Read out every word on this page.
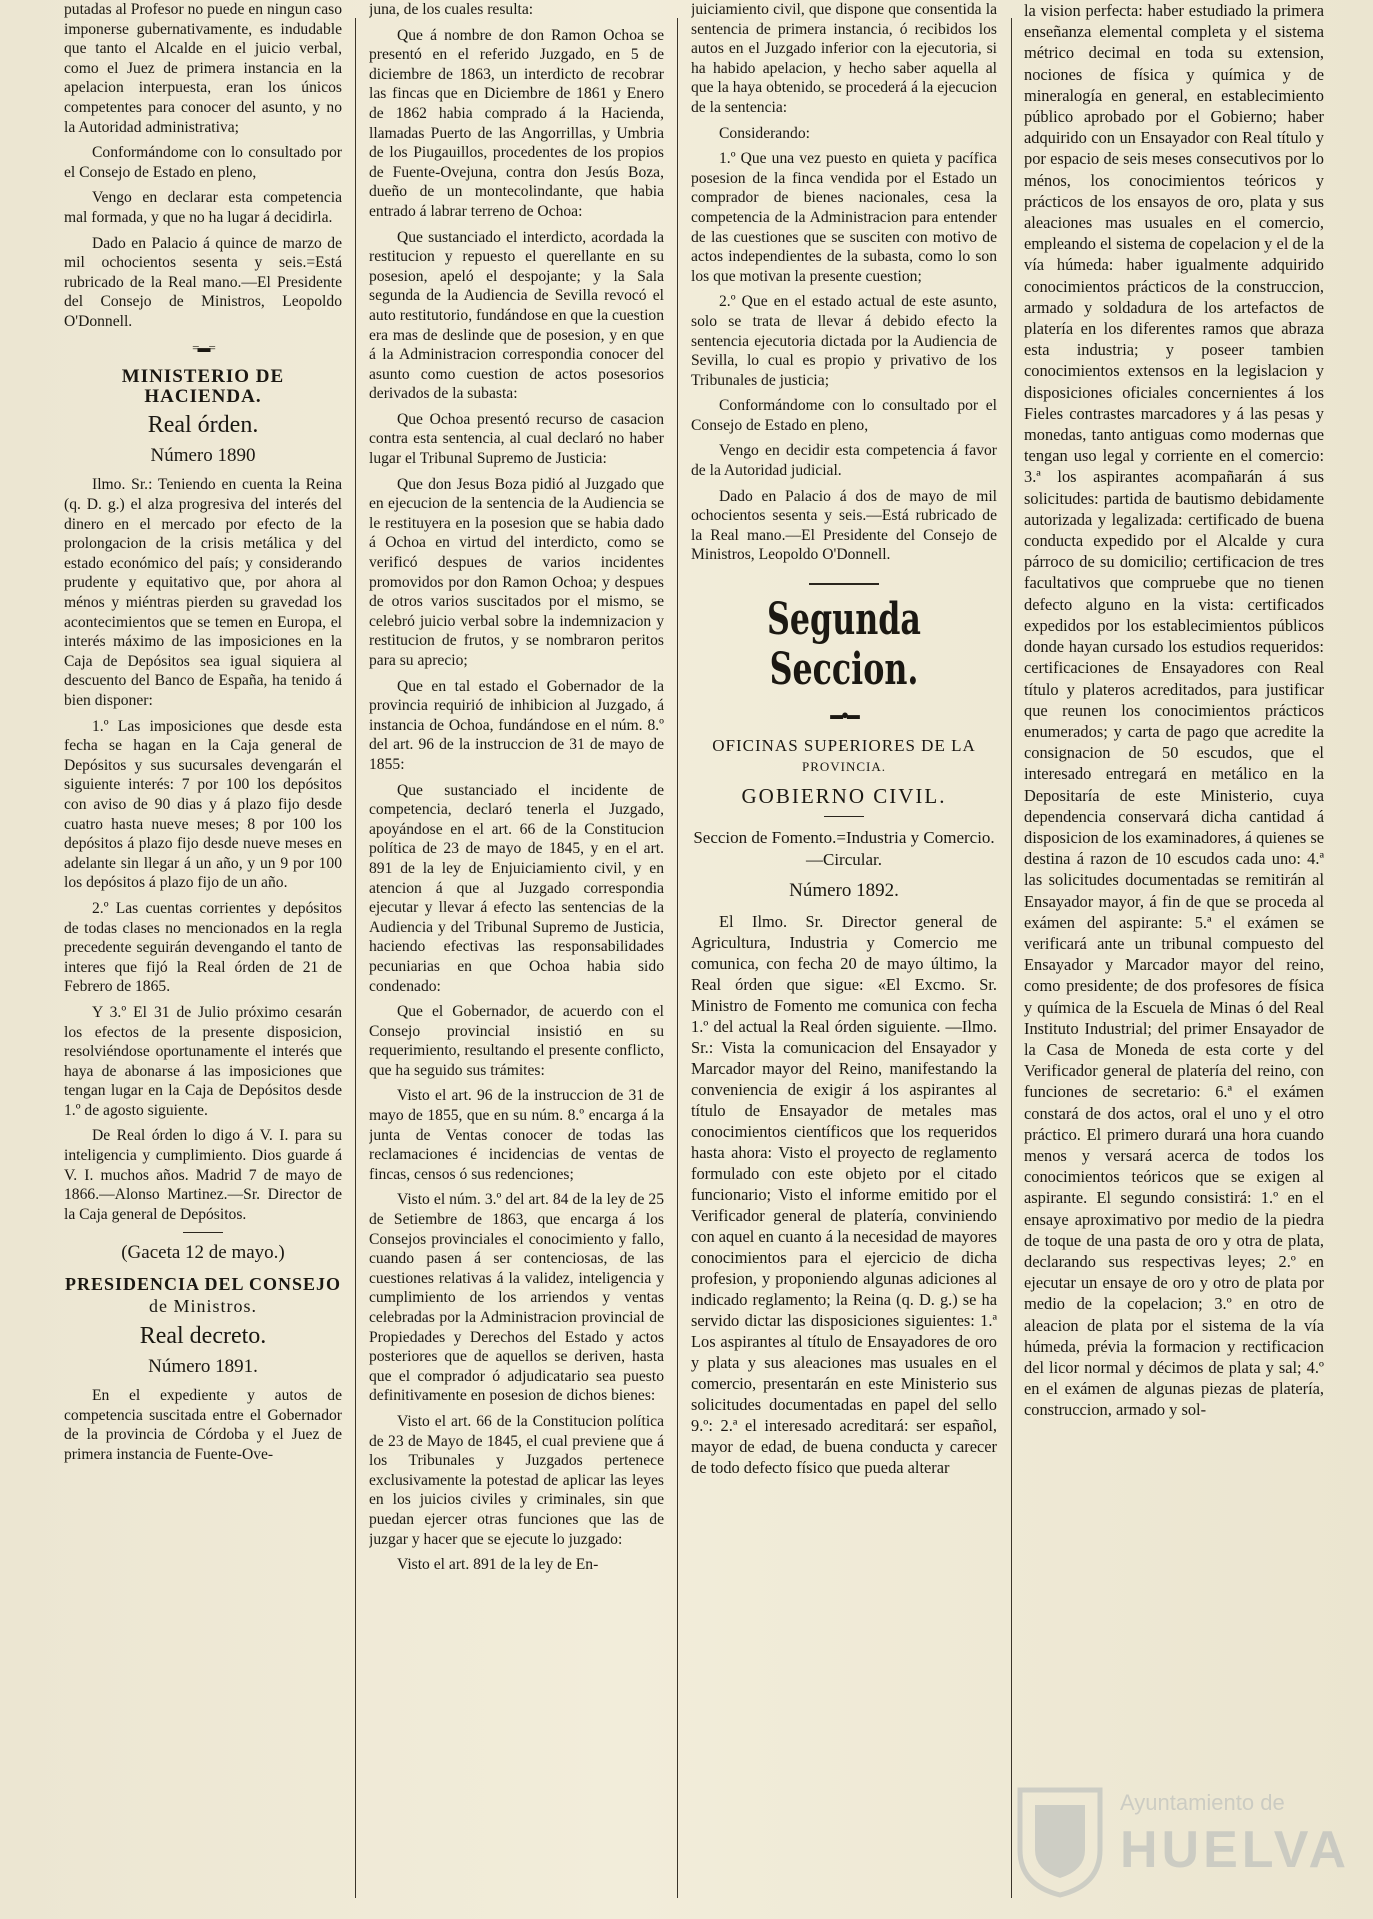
putadas al Profesor no puede en ningun caso imponerse gubernativamente, es indudable que tanto el Alcalde en el juicio verbal, como el Juez de primera instancia en la apelacion interpuesta, eran los únicos competentes para conocer del asunto, y no la Autoridad administrativa;

Conformándome con lo consultado por el Consejo de Estado en pleno,

Vengo en declarar esta competencia mal formada, y que no ha lugar á decidirla.

Dado en Palacio á quince de marzo de mil ochocientos sesenta y seis.=Está rubricado de la Real mano.—El Presidente del Consejo de Ministros, Leopoldo O'Donnell.

=▬=
MINISTERIO DE HACIENDA.
Real órden.
Número 1890

Ilmo. Sr.: Teniendo en cuenta la Reina (q. D. g.) el alza progresiva del interés del dinero en el mercado por efecto de la prolongacion de la crisis metálica y del estado económico del país; y considerando prudente y equitativo que, por ahora al ménos y miéntras pierden su gravedad los acontecimientos que se temen en Europa, el interés máximo de las imposiciones en la Caja de Depósitos sea igual siquiera al descuento del Banco de España, ha tenido á bien disponer:

1.º Las imposiciones que desde esta fecha se hagan en la Caja general de Depósitos y sus sucursales devengarán el siguiente interés: 7 por 100 los depósitos con aviso de 90 dias y á plazo fijo desde cuatro hasta nueve meses; 8 por 100 los depósitos á plazo fijo desde nueve meses en adelante sin llegar á un año, y un 9 por 100 los depósitos á plazo fijo de un año.

2.º Las cuentas corrientes y depósitos de todas clases no mencionados en la regla precedente seguirán devengando el tanto de interes que fijó la Real órden de 21 de Febrero de 1865.

Y 3.º El 31 de Julio próximo cesarán los efectos de la presente disposicion, resolviéndose oportunamente el interés que haya de abonarse á las imposiciones que tengan lugar en la Caja de Depósitos desde 1.º de agosto siguiente.

De Real órden lo digo á V. I. para su inteligencia y cumplimiento. Dios guarde á V. I. muchos años. Madrid 7 de mayo de 1866.—Alonso Martinez.—Sr. Director de la Caja general de Depósitos.

(Gaceta 12 de mayo.)
PRESIDENCIA DEL CONSEJO
de Ministros.
Real decreto.
Número 1891.

En el expediente y autos de competencia suscitada entre el Gobernador de la provincia de Córdoba y el Juez de primera instancia de Fuente-Ove-

juna, de los cuales resulta:

Que á nombre de don Ramon Ochoa se presentó en el referido Juzgado, en 5 de diciembre de 1863, un interdicto de recobrar las fincas que en Diciembre de 1861 y Enero de 1862 habia comprado á la Hacienda, llamadas Puerto de las Angorrillas, y Umbria de los Piugauillos, procedentes de los propios de Fuente-Ovejuna, contra don Jesús Boza, dueño de un montecolindante, que habia entrado á labrar terreno de Ochoa:

Que sustanciado el interdicto, acordada la restitucion y repuesto el querellante en su posesion, apeló el despojante; y la Sala segunda de la Audiencia de Sevilla revocó el auto restitutorio, fundándose en que la cuestion era mas de deslinde que de posesion, y en que á la Administracion correspondia conocer del asunto como cuestion de actos posesorios derivados de la subasta:

Que Ochoa presentó recurso de casacion contra esta sentencia, al cual declaró no haber lugar el Tribunal Supremo de Justicia:

Que don Jesus Boza pidió al Juzgado que en ejecucion de la sentencia de la Audiencia se le restituyera en la posesion que se habia dado á Ochoa en virtud del interdicto, como se verificó despues de varios incidentes promovidos por don Ramon Ochoa; y despues de otros varios suscitados por el mismo, se celebró juicio verbal sobre la indemnizacion y restitucion de frutos, y se nombraron peritos para su aprecio;

Que en tal estado el Gobernador de la provincia requirió de inhibicion al Juzgado, á instancia de Ochoa, fundándose en el núm. 8.º del art. 96 de la instruccion de 31 de mayo de 1855:

Que sustanciado el incidente de competencia, declaró tenerla el Juzgado, apoyándose en el art. 66 de la Constitucion política de 23 de mayo de 1845, y en el art. 891 de la ley de Enjuiciamiento civil, y en atencion á que al Juzgado correspondia ejecutar y llevar á efecto las sentencias de la Audiencia y del Tribunal Supremo de Justicia, haciendo efectivas las responsabilidades pecuniarias en que Ochoa habia sido condenado:

Que el Gobernador, de acuerdo con el Consejo provincial insistió en su requerimiento, resultando el presente conflicto, que ha seguido sus trámites:

Visto el art. 96 de la instruccion de 31 de mayo de 1855, que en su núm. 8.º encarga á la junta de Ventas conocer de todas las reclamaciones é incidencias de ventas de fincas, censos ó sus redenciones;

Visto el núm. 3.º del art. 84 de la ley de 25 de Setiembre de 1863, que encarga á los Consejos provinciales el conocimiento y fallo, cuando pasen á ser contenciosas, de las cuestiones relativas á la validez, inteligencia y cumplimiento de los arriendos y ventas celebradas por la Administracion provincial de Propiedades y Derechos del Estado y actos posteriores que de aquellos se deriven, hasta que el comprador ó adjudicatario sea puesto definitivamente en posesion de dichos bienes:

Visto el art. 66 de la Constitucion política de 23 de Mayo de 1845, el cual previene que á los Tribunales y Juzgados pertenece exclusivamente la potestad de aplicar las leyes en los juicios civiles y criminales, sin que puedan ejercer otras funciones que las de juzgar y hacer que se ejecute lo juzgado:

Visto el art. 891 de la ley de En-

juiciamiento civil, que dispone que consentida la sentencia de primera instancia, ó recibidos los autos en el Juzgado inferior con la ejecutoria, si ha habido apelacion, y hecho saber aquella al que la haya obtenido, se procederá á la ejecucion de la sentencia:

Considerando:

1.º Que una vez puesto en quieta y pacífica posesion de la finca vendida por el Estado un comprador de bienes nacionales, cesa la competencia de la Administracion para entender de las cuestiones que se susciten con motivo de actos independientes de la subasta, como lo son los que motivan la presente cuestion;

2.º Que en el estado actual de este asunto, solo se trata de llevar á debido efecto la sentencia ejecutoria dictada por la Audiencia de Sevilla, lo cual es propio y privativo de los Tribunales de justicia;

Conformándome con lo consultado por el Consejo de Estado en pleno,

Vengo en decidir esta competencia á favor de la Autoridad judicial.

Dado en Palacio á dos de mayo de mil ochocientos sesenta y seis.—Está rubricado de la Real mano.—El Presidente del Consejo de Ministros, Leopoldo O'Donnell.

Segunda Seccion.
▬●▬
OFICINAS SUPERIORES DE LA
PROVINCIA.
GOBIERNO CIVIL.
Seccion de Fomento.=Industria y Comercio.—Circular.
Número 1892.

El Ilmo. Sr. Director general de Agricultura, Industria y Comercio me comunica, con fecha 20 de mayo último, la Real órden que sigue: «El Excmo. Sr. Ministro de Fomento me comunica con fecha 1.º del actual la Real órden siguiente. —Ilmo. Sr.: Vista la comunicacion del Ensayador y Marcador mayor del Reino, manifestando la conveniencia de exigir á los aspirantes al título de Ensayador de metales mas conocimientos científicos que los requeridos hasta ahora: Visto el proyecto de reglamento formulado con este objeto por el citado funcionario; Visto el informe emitido por el Verificador general de platería, conviniendo con aquel en cuanto á la necesidad de mayores conocimientos para el ejercicio de dicha profesion, y proponiendo algunas adiciones al indicado reglamento; la Reina (q. D. g.) se ha servido dictar las disposiciones siguientes: 1.ª Los aspirantes al título de Ensayadores de oro y plata y sus aleaciones mas usuales en el comercio, presentarán en este Ministerio sus solicitudes documentadas en papel del sello 9.º: 2.ª el interesado acreditará: ser español, mayor de edad, de buena conducta y carecer de todo defecto físico que pueda alterar

la vision perfecta: haber estudiado la primera enseñanza elemental completa y el sistema métrico decimal en toda su extension, nociones de física y química y de mineralogía en general, en establecimiento público aprobado por el Gobierno; haber adquirido con un Ensayador con Real título y por espacio de seis meses consecutivos por lo ménos, los conocimientos teóricos y prácticos de los ensayos de oro, plata y sus aleaciones mas usuales en el comercio, empleando el sistema de copelacion y el de la vía húmeda: haber igualmente adquirido conocimientos prácticos de la construccion, armado y soldadura de los artefactos de platería en los diferentes ramos que abraza esta industria; y poseer tambien conocimientos extensos en la legislacion y disposiciones oficiales concernientes á los Fieles contrastes marcadores y á las pesas y monedas, tanto antiguas como modernas que tengan uso legal y corriente en el comercio: 3.ª los aspirantes acompañarán á sus solicitudes: partida de bautismo debidamente autorizada y legalizada: certificado de buena conducta expedido por el Alcalde y cura párroco de su domicilio; certificacion de tres facultativos que compruebe que no tienen defecto alguno en la vista: certificados expedidos por los establecimientos públicos donde hayan cursado los estudios requeridos: certificaciones de Ensayadores con Real título y plateros acreditados, para justificar que reunen los conocimientos prácticos enumerados; y carta de pago que acredite la consignacion de 50 escudos, que el interesado entregará en metálico en la Depositaría de este Ministerio, cuya dependencia conservará dicha cantidad á disposicion de los examinadores, á quienes se destina á razon de 10 escudos cada uno: 4.ª las solicitudes documentadas se remitirán al Ensayador mayor, á fin de que se proceda al exámen del aspirante: 5.ª el exámen se verificará ante un tribunal compuesto del Ensayador y Marcador mayor del reino, como presidente; de dos profesores de física y química de la Escuela de Minas ó del Real Instituto Industrial; del primer Ensayador de la Casa de Moneda de esta corte y del Verificador general de platería del reino, con funciones de secretario: 6.ª el exámen constará de dos actos, oral el uno y el otro práctico. El primero durará una hora cuando menos y versará acerca de todos los conocimientos teóricos que se exigen al aspirante. El segundo consistirá: 1.º en el ensaye aproximativo por medio de la piedra de toque de una pasta de oro y otra de plata, declarando sus respectivas leyes; 2.º en ejecutar un ensaye de oro y otro de plata por medio de la copelacion; 3.º en otro de aleacion de plata por el sistema de la vía húmeda, prévia la formacion y rectificacion del licor normal y décimos de plata y sal; 4.º en el exámen de algunas piezas de platería, construccion, armado y sol-

Ayuntamiento de
HUELVA
